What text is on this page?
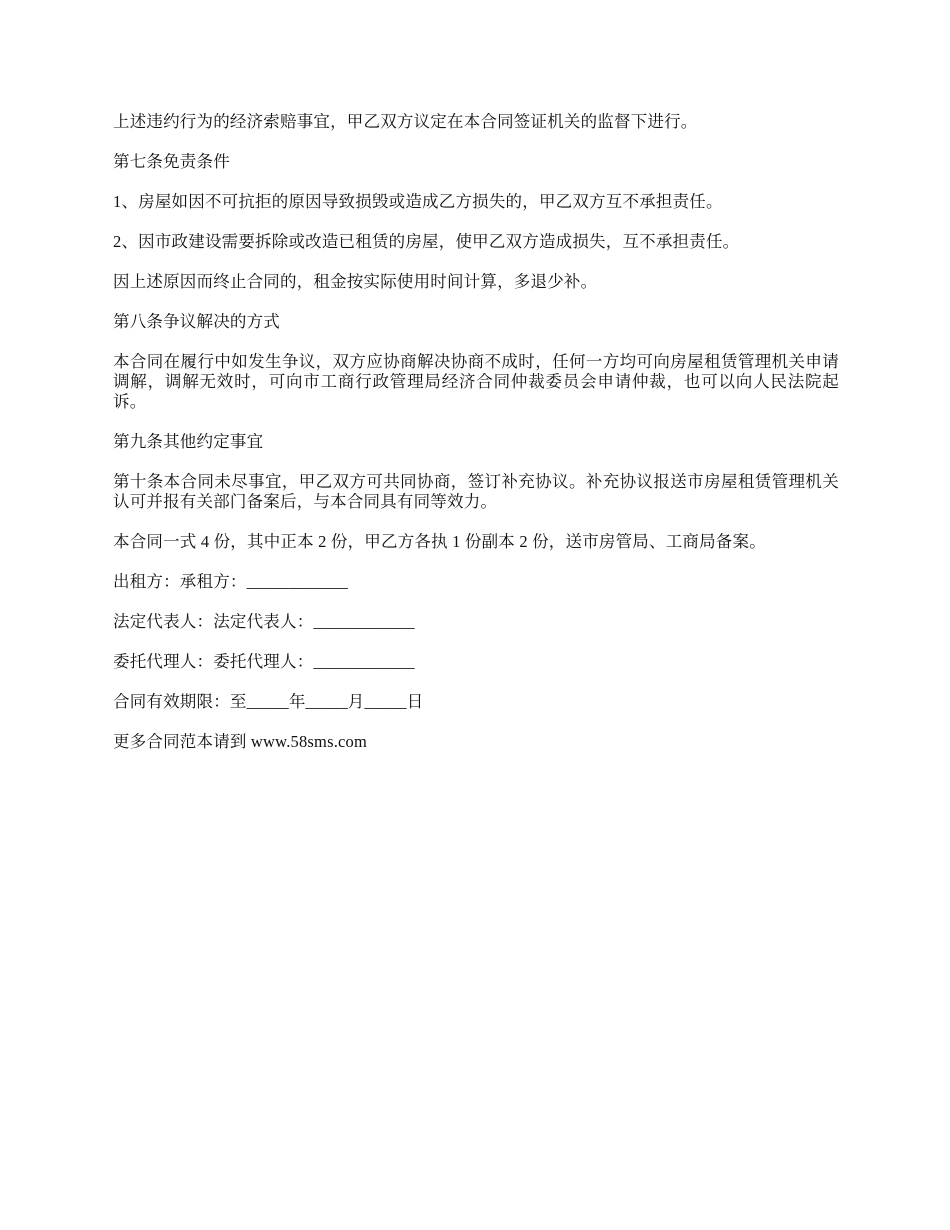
上述违约行为的经济索赔事宜，甲乙双方议定在本合同签证机关的监督下进行。

第七条免责条件

1、房屋如因不可抗拒的原因导致损毁或造成乙方损失的，甲乙双方互不承担责任。

2、因市政建设需要拆除或改造已租赁的房屋，使甲乙双方造成损失，互不承担责任。

因上述原因而终止合同的，租金按实际使用时间计算，多退少补。

第八条争议解决的方式

本合同在履行中如发生争议，双方应协商解决协商不成时，任何一方均可向房屋租赁管理机关申请调解，调解无效时，可向市工商行政管理局经济合同仲裁委员会申请仲裁，也可以向人民法院起诉。

第九条其他约定事宜

第十条本合同未尽事宜，甲乙双方可共同协商，签订补充协议。补充协议报送市房屋租赁管理机关认可并报有关部门备案后，与本合同具有同等效力。

本合同一式 4 份，其中正本 2 份，甲乙方各执 1 份副本 2 份，送市房管局、工商局备案。

出租方：承租方：____________

法定代表人：法定代表人：____________

委托代理人：委托代理人：____________

合同有效期限：至_____年_____月_____日

更多合同范本请到 www.58sms.com
